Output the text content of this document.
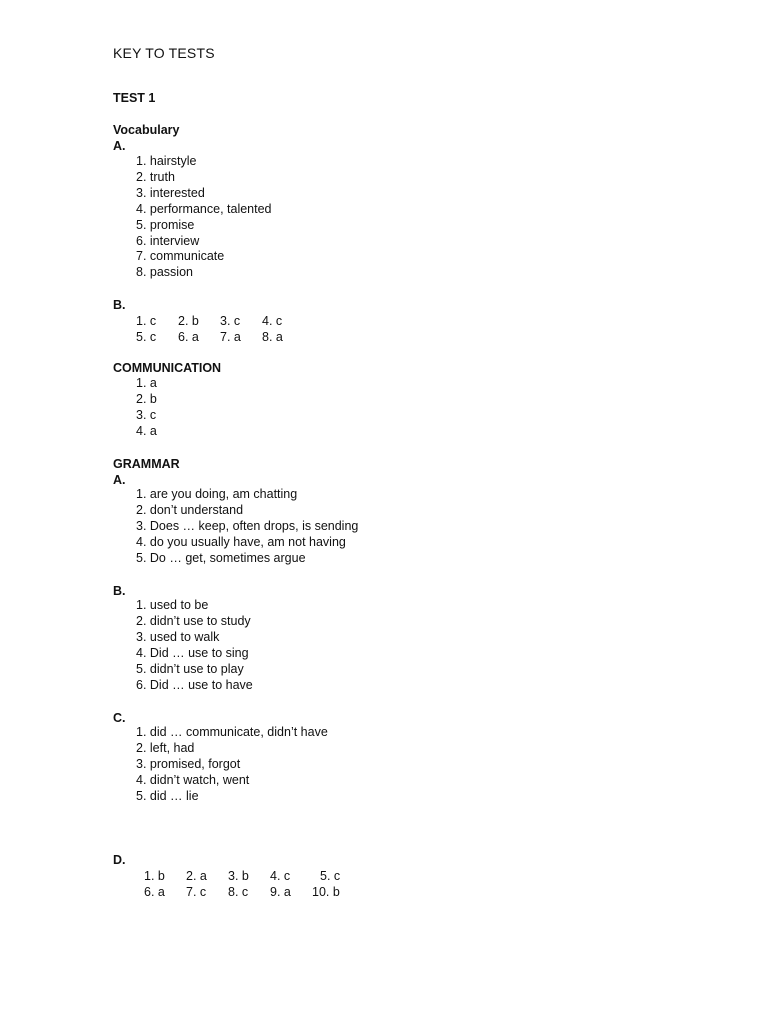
KEY TO TESTS
TEST 1
Vocabulary
A.
1. hairstyle
2. truth
3. interested
4. performance, talented
5. promise
6. interview
7. communicate
8. passion
B.
1. c	2. b	3. c	4. c
5. c	6. a	7. a	8. a
COMMUNICATION
1. a
2. b
3. c
4. a
GRAMMAR
A.
1. are you doing, am chatting
2. don’t understand
3. Does … keep, often drops, is sending
4. do you usually have, am not having
5. Do … get, sometimes argue
B.
1. used to be
2. didn’t use to study
3. used to walk
4. Did … use to sing
5. didn’t use to play
6. Did … use to have
C.
1. did … communicate, didn’t have
2. left, had
3. promised, forgot
4. didn’t watch, went
5. did … lie
D.
1. b	2. a	3. b	4. c	5. c
6. a	7. c	8. c	9. a	10. b
